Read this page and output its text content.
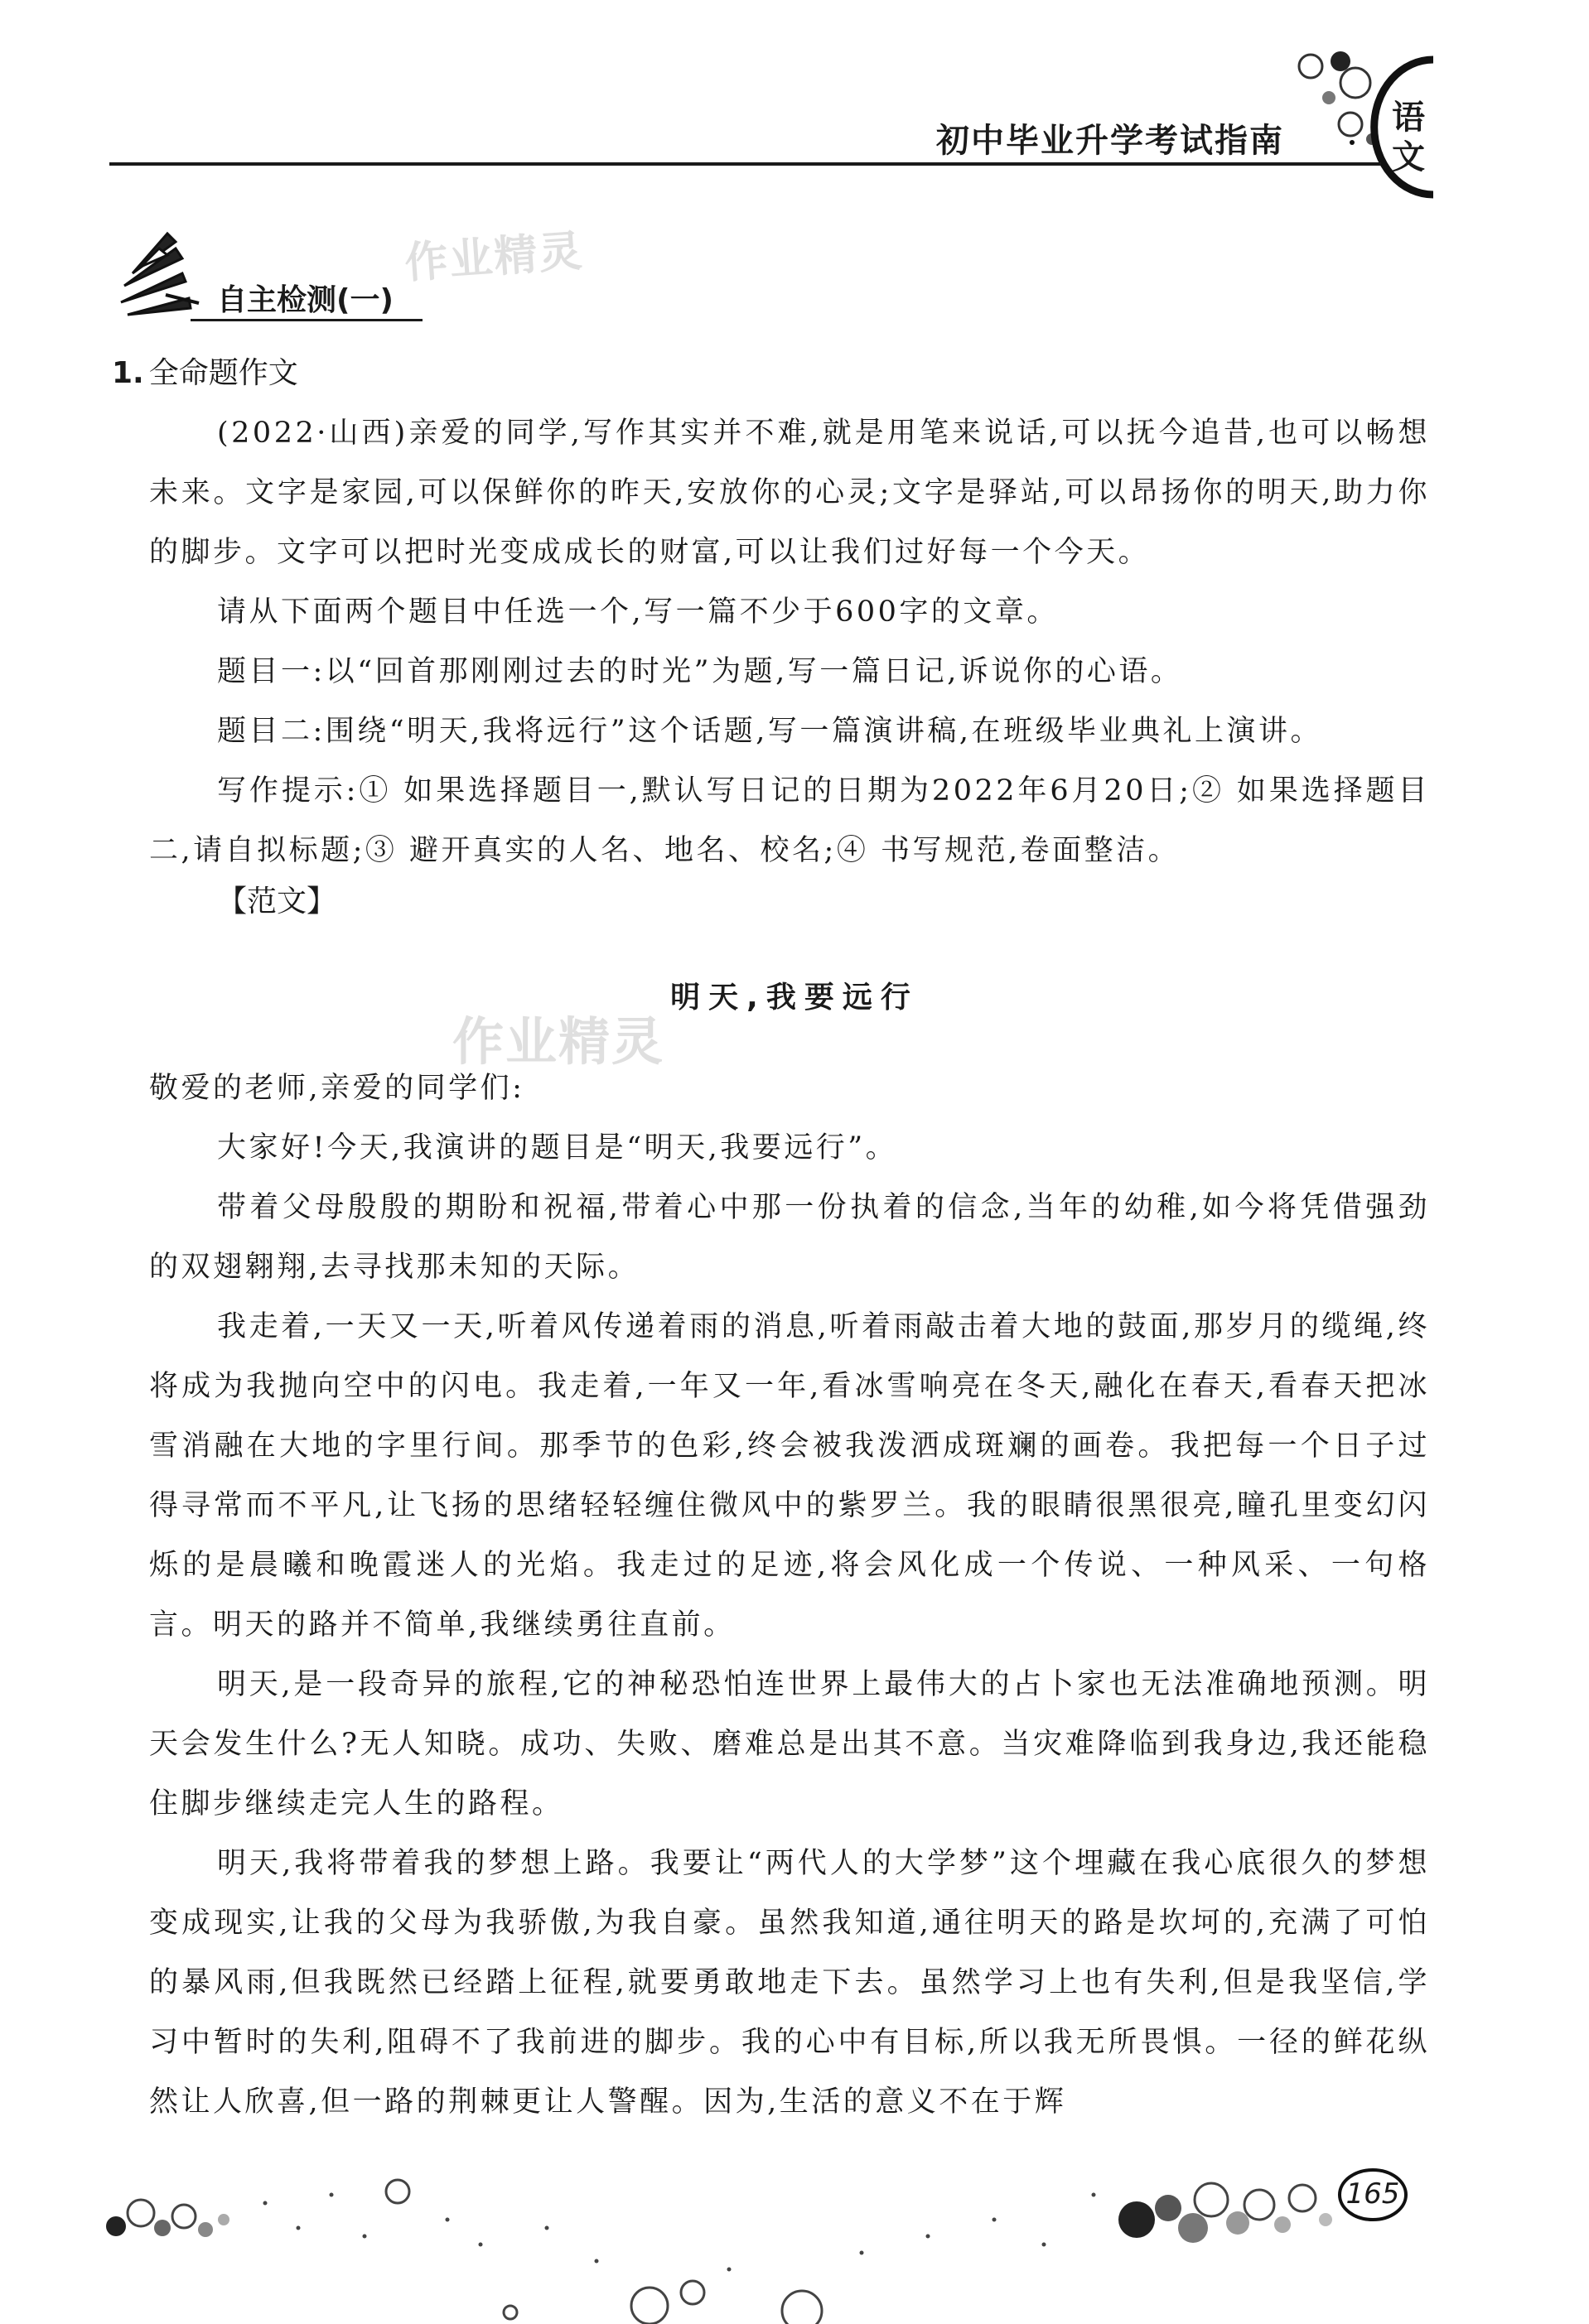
语
文
初中毕业升学考试指南
作业精灵
作业精灵
自主检测(一)
1. 全命题作文

(2022·山西)亲爱的同学,写作其实并不难,就是用笔来说话,可以抚今追昔,也可以畅想未来。文字是家园,可以保鲜你的昨天,安放你的心灵;文字是驿站,可以昂扬你的明天,助力你的脚步。文字可以把时光变成成长的财富,可以让我们过好每一个今天。

请从下面两个题目中任选一个,写一篇不少于600字的文章。

题目一:以“回首那刚刚过去的时光”为题,写一篇日记,诉说你的心语。

题目二:围绕“明天,我将远行”这个话题,写一篇演讲稿,在班级毕业典礼上演讲。

写作提示:① 如果选择题目一,默认写日记的日期为2022年6月20日;② 如果选择题目二,请自拟标题;③ 避开真实的人名、地名、校名;④ 书写规范,卷面整洁。

【范文】
明天,我要远行

敬爱的老师,亲爱的同学们:

大家好!今天,我演讲的题目是“明天,我要远行”。

带着父母殷殷的期盼和祝福,带着心中那一份执着的信念,当年的幼稚,如今将凭借强劲的双翅翱翔,去寻找那未知的天际。

我走着,一天又一天,听着风传递着雨的消息,听着雨敲击着大地的鼓面,那岁月的缆绳,终将成为我抛向空中的闪电。我走着,一年又一年,看冰雪响亮在冬天,融化在春天,看春天把冰雪消融在大地的字里行间。那季节的色彩,终会被我泼洒成斑斓的画卷。我把每一个日子过得寻常而不平凡,让飞扬的思绪轻轻缠住微风中的紫罗兰。我的眼睛很黑很亮,瞳孔里变幻闪烁的是晨曦和晚霞迷人的光焰。我走过的足迹,将会风化成一个传说、一种风采、一句格言。明天的路并不简单,我继续勇往直前。

明天,是一段奇异的旅程,它的神秘恐怕连世界上最伟大的占卜家也无法准确地预测。明天会发生什么?无人知晓。成功、失败、磨难总是出其不意。当灾难降临到我身边,我还能稳住脚步继续走完人生的路程。

明天,我将带着我的梦想上路。我要让“两代人的大学梦”这个埋藏在我心底很久的梦想变成现实,让我的父母为我骄傲,为我自豪。虽然我知道,通往明天的路是坎坷的,充满了可怕的暴风雨,但我既然已经踏上征程,就要勇敢地走下去。虽然学习上也有失利,但是我坚信,学习中暂时的失利,阻碍不了我前进的脚步。我的心中有目标,所以我无所畏惧。一径的鲜花纵然让人欣喜,但一路的荆棘更让人警醒。因为,生活的意义不在于辉

165
